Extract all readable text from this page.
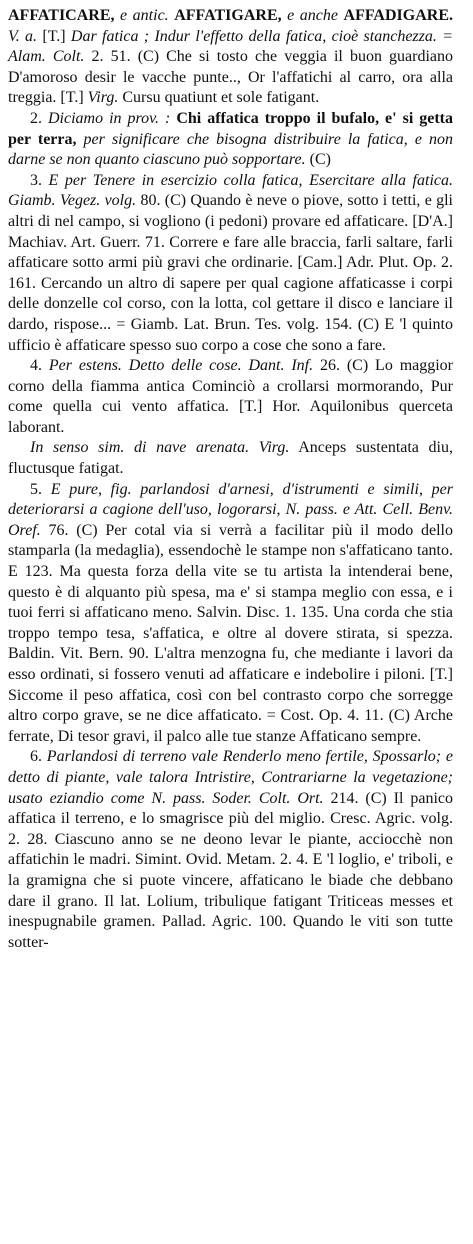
AFFATICARE, e antic. AFFATIGARE, e anche AFFADIGARE. V. a. [T.] Dar fatica ; Indur l'effetto della fatica, cioè stanchezza. = Alam. Colt. 2. 51. (C) Che si tosto che veggia il buon guardiano D'amoroso desir le vacche punte.., Or l'affatichi al carro, ora alla treggia. [T.] Virg. Cursu quatiunt et sole fatigant.

2. Diciamo in prov. : Chi affatica troppo il bufalo, e' si getta per terra, per significare che bisogna distribuire la fatica, e non darne se non quanto ciascuno può sopportare. (C)

3. E per Tenere in esercizio colla fatica, Esercitare alla fatica. Giamb. Vegez. volg. 80. (C) Quando è neve o piove, sotto i tetti, e gli altri di nel campo, si vogliono (i pedoni) provare ed affaticare. [D'A.] Machiav. Art. Guerr. 71. Correre e fare alle braccia, farli saltare, farli affaticare sotto armi più gravi che ordinarie. [Cam.] Adr. Plut. Op. 2. 161. Cercando un altro di sapere per qual cagione affaticasse i corpi delle donzelle col corso, con la lotta, col gettare il disco e lanciare il dardo, rispose... = Giamb. Lat. Brun. Tes. volg. 154. (C) E 'l quinto ufficio è affaticare spesso suo corpo a cose che sono a fare.

4. Per estens. Detto delle cose. Dant. Inf. 26. (C) Lo maggior corno della fiamma antica Cominciò a crollarsi mormorando, Pur come quella cui vento affatica. [T.] Hor. Aquilonibus querceta laborant.

In senso sim. di nave arenata. Virg. Anceps sustentata diu, fluctusque fatigat.

5. E pure, fig. parlandosi d'arnesi, d'istrumenti e simili, per deteriorarsi a cagione dell'uso, logorarsi, N. pass. e Att. Cell. Benv. Oref. 76. (C) Per cotal via si verrà a facilitar più il modo dello stamparla (la medaglia), essendochè le stampe non s'affaticano tanto. E 123. Ma questa forza della vite se tu artista la intenderai bene, questo è di alquanto più spesa, ma e' si stampa meglio con essa, e i tuoi ferri si affaticano meno. Salvin. Disc. 1. 135. Una corda che stia troppo tempo tesa, s'affatica, e oltre al dovere stirata, si spezza. Baldin. Vit. Bern. 90. L'altra menzogna fu, che mediante i lavori da esso ordinati, si fossero venuti ad affaticare e indebolire i piloni. [T.] Siccome il peso affatica, così con bel contrasto corpo che sorregge altro corpo grave, se ne dice affaticato. = Cost. Op. 4. 11. (C) Arche ferrate, Di tesor gravi, il palco alle tue stanze Affaticano sempre.

6. Parlandosi di terreno vale Renderlo meno fertile, Spossarlo; e detto di piante, vale talora Intristire, Contrariarne la vegetazione; usato eziandio come N. pass. Soder. Colt. Ort. 214. (C) Il panico affatica il terreno, e lo smagrisce più del miglio. Cresc. Agric. volg. 2. 28. Ciascuno anno se ne deono levar le piante, acciocchè non affatichin le madri. Simint. Ovid. Metam. 2. 4. E 'l loglio, e' triboli, e la gramigna che si puote vincere, affaticano le biade che debbano dare il grano. Il lat. Lolium, tribulique fatigant Triticeas messes et inespugnabile gramen. Pallad. Agric. 100. Quando le viti son tutte sotter-
